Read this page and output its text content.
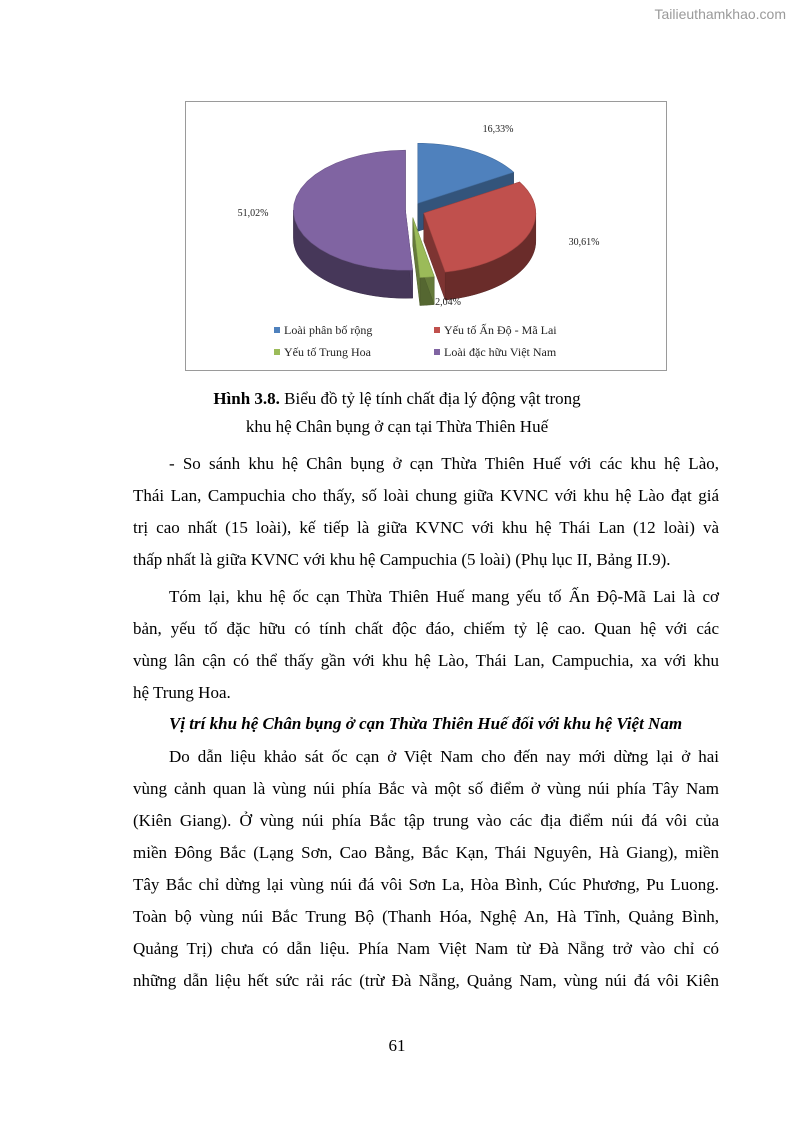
Tailieuthamkhao.com
16,33%
30,61%
2,04%
51,02%
Loài phân bố rộng	Yếu tố Ấn Độ - Mã Lai
Yếu tố Trung Hoa	Loài đặc hữu Việt Nam
Hình 3.8. Biểu đồ tỷ lệ tính chất địa lý động vật trong
khu hệ Chân bụng ở cạn tại Thừa Thiên Huế
- So sánh khu hệ Chân bụng ở cạn Thừa Thiên Huế với các khu hệ Lào,
Thái Lan, Campuchia cho thấy, số loài chung giữa KVNC với khu hệ Lào đạt giá
trị cao nhất (15 loài), kế tiếp là giữa KVNC với khu hệ Thái Lan (12 loài) và
thấp nhất là giữa KVNC với khu hệ Campuchia (5 loài) (Phụ lục II, Bảng II.9).
Tóm lại, khu hệ ốc cạn Thừa Thiên Huế mang yếu tố Ấn Độ-Mã Lai là cơ
bản, yếu tố đặc hữu có tính chất độc đáo, chiếm tỷ lệ cao. Quan hệ với các
vùng lân cận có thể thấy gần với khu hệ Lào, Thái Lan, Campuchia, xa với khu
hệ Trung Hoa.
Vị trí khu hệ Chân bụng ở cạn Thừa Thiên Huế đối với khu hệ Việt Nam
Do dẫn liệu khảo sát ốc cạn ở Việt Nam cho đến nay mới dừng lại ở hai
vùng cảnh quan là vùng núi phía Bắc và một số điểm ở vùng núi phía Tây Nam
(Kiên Giang). Ở vùng núi phía Bắc tập trung vào các địa điểm núi đá vôi của
miền Đông Bắc (Lạng Sơn, Cao Bằng, Bắc Kạn, Thái Nguyên, Hà Giang), miền
Tây Bắc chỉ dừng lại vùng núi đá vôi Sơn La, Hòa Bình, Cúc Phương, Pu Luong.
Toàn bộ vùng núi Bắc Trung Bộ (Thanh Hóa, Nghệ An, Hà Tĩnh, Quảng Bình,
Quảng Trị) chưa có dẫn liệu. Phía Nam Việt Nam từ Đà Nẵng trở vào chỉ có
những dẫn liệu hết sức rải rác (trừ Đà Nẵng, Quảng Nam, vùng núi đá vôi Kiên
61
